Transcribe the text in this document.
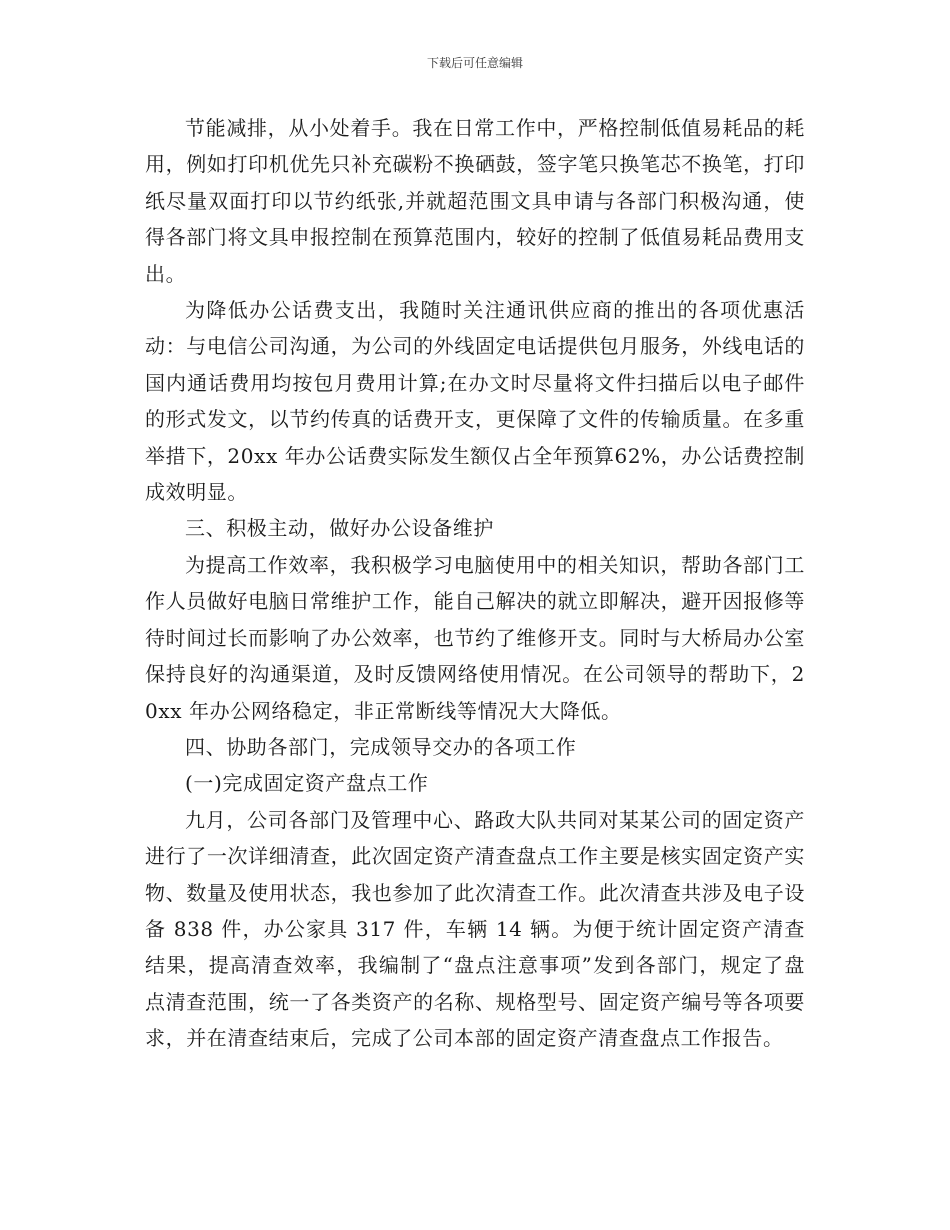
下载后可任意编辑

节能减排，从小处着手。我在日常工作中，严格控制低值易耗品的耗用，例如打印机优先只补充碳粉不换硒鼓，签字笔只换笔芯不换笔，打印纸尽量双面打印以节约纸张,并就超范围文具申请与各部门积极沟通，使得各部门将文具申报控制在预算范围内，较好的控制了低值易耗品费用支出。

为降低办公话费支出，我随时关注通讯供应商的推出的各项优惠活动：与电信公司沟通，为公司的外线固定电话提供包月服务，外线电话的国内通话费用均按包月费用计算;在办文时尽量将文件扫描后以电子邮件的形式发文，以节约传真的话费开支，更保障了文件的传输质量。在多重举措下，20xx 年办公话费实际发生额仅占全年预算62%，办公话费控制成效明显。

三、积极主动，做好办公设备维护

为提高工作效率，我积极学习电脑使用中的相关知识，帮助各部门工作人员做好电脑日常维护工作，能自己解决的就立即解决，避开因报修等待时间过长而影响了办公效率，也节约了维修开支。同时与大桥局办公室保持良好的沟通渠道，及时反馈网络使用情况。在公司领导的帮助下，20xx 年办公网络稳定，非正常断线等情况大大降低。

四、协助各部门，完成领导交办的各项工作

(一)完成固定资产盘点工作

九月，公司各部门及管理中心、路政大队共同对某某公司的固定资产进行了一次详细清查，此次固定资产清查盘点工作主要是核实固定资产实物、数量及使用状态，我也参加了此次清查工作。此次清查共涉及电子设备 838 件，办公家具 317 件，车辆 14 辆。为便于统计固定资产清查结果，提高清查效率，我编制了“盘点注意事项”发到各部门，规定了盘点清查范围，统一了各类资产的名称、规格型号、固定资产编号等各项要求，并在清查结束后，完成了公司本部的固定资产清查盘点工作报告。
